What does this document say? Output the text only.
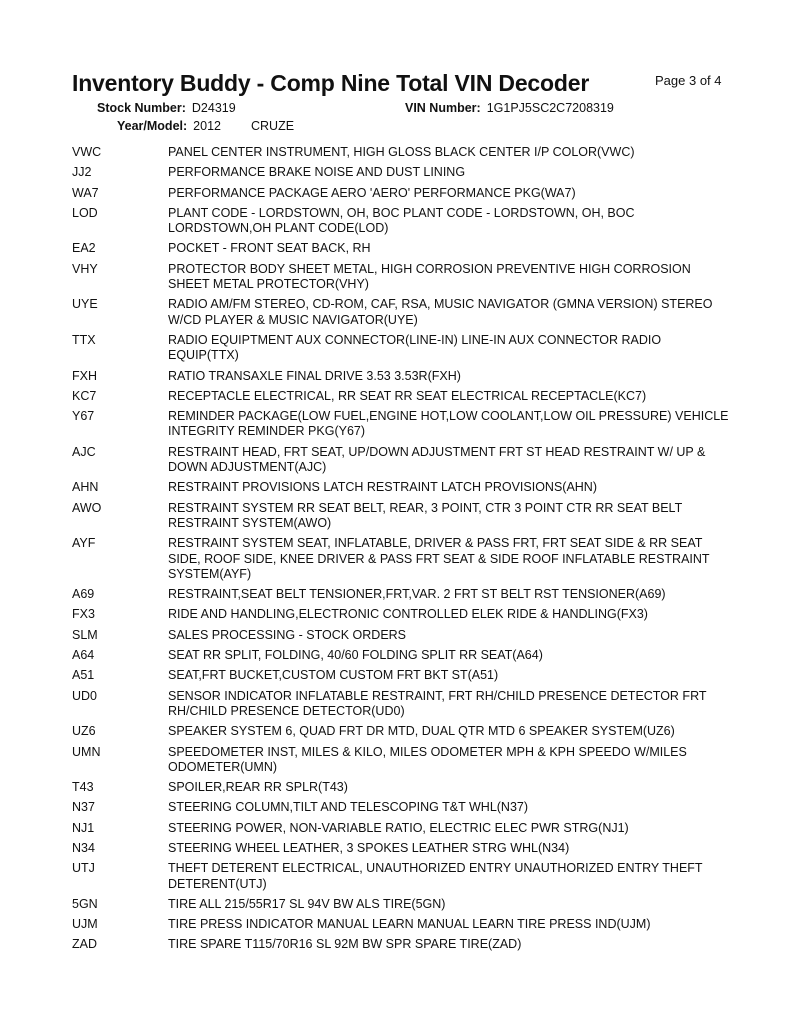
Inventory Buddy - Comp Nine Total VIN Decoder	Page 3 of 4
Stock Number: D24319	VIN Number: 1G1PJ5SC2C7208319
Year/Model: 2012 CRUZE
VWC	PANEL CENTER INSTRUMENT, HIGH GLOSS BLACK CENTER I/P COLOR(VWC)
JJ2	PERFORMANCE BRAKE NOISE AND DUST LINING
WA7	PERFORMANCE PACKAGE AERO 'AERO' PERFORMANCE PKG(WA7)
LOD	PLANT CODE - LORDSTOWN, OH, BOC PLANT CODE - LORDSTOWN, OH, BOC LORDSTOWN,OH PLANT CODE(LOD)
EA2	POCKET - FRONT SEAT BACK, RH
VHY	PROTECTOR BODY SHEET METAL, HIGH CORROSION PREVENTIVE HIGH CORROSION SHEET METAL PROTECTOR(VHY)
UYE	RADIO AM/FM STEREO, CD-ROM, CAF, RSA, MUSIC NAVIGATOR (GMNA VERSION) STEREO W/CD PLAYER & MUSIC NAVIGATOR(UYE)
TTX	RADIO EQUIPTMENT AUX CONNECTOR(LINE-IN) LINE-IN AUX CONNECTOR RADIO EQUIP(TTX)
FXH	RATIO TRANSAXLE FINAL DRIVE 3.53 3.53R(FXH)
KC7	RECEPTACLE ELECTRICAL, RR SEAT RR SEAT ELECTRICAL RECEPTACLE(KC7)
Y67	REMINDER PACKAGE(LOW FUEL,ENGINE HOT,LOW COOLANT,LOW OIL PRESSURE) VEHICLE INTEGRITY REMINDER PKG(Y67)
AJC	RESTRAINT HEAD, FRT SEAT, UP/DOWN ADJUSTMENT FRT ST HEAD RESTRAINT W/ UP & DOWN ADJUSTMENT(AJC)
AHN	RESTRAINT PROVISIONS LATCH RESTRAINT LATCH PROVISIONS(AHN)
AWO	RESTRAINT SYSTEM RR SEAT BELT, REAR, 3 POINT, CTR 3 POINT CTR RR SEAT BELT RESTRAINT SYSTEM(AWO)
AYF	RESTRAINT SYSTEM SEAT, INFLATABLE, DRIVER & PASS FRT, FRT SEAT SIDE & RR SEAT SIDE, ROOF SIDE, KNEE DRIVER & PASS FRT SEAT & SIDE ROOF INFLATABLE RESTRAINT SYSTEM(AYF)
A69	RESTRAINT,SEAT BELT TENSIONER,FRT,VAR. 2 FRT ST BELT RST TENSIONER(A69)
FX3	RIDE AND HANDLING,ELECTRONIC CONTROLLED ELEK RIDE & HANDLING(FX3)
SLM	SALES PROCESSING - STOCK ORDERS
A64	SEAT RR SPLIT, FOLDING, 40/60 FOLDING SPLIT RR SEAT(A64)
A51	SEAT,FRT BUCKET,CUSTOM CUSTOM FRT BKT ST(A51)
UD0	SENSOR INDICATOR INFLATABLE RESTRAINT, FRT RH/CHILD PRESENCE DETECTOR FRT RH/CHILD PRESENCE DETECTOR(UD0)
UZ6	SPEAKER SYSTEM 6, QUAD FRT DR MTD, DUAL QTR MTD 6 SPEAKER SYSTEM(UZ6)
UMN	SPEEDOMETER INST, MILES & KILO, MILES ODOMETER MPH & KPH SPEEDO W/MILES ODOMETER(UMN)
T43	SPOILER,REAR RR SPLR(T43)
N37	STEERING COLUMN,TILT AND TELESCOPING T&T WHL(N37)
NJ1	STEERING POWER, NON-VARIABLE RATIO, ELECTRIC ELEC PWR STRG(NJ1)
N34	STEERING WHEEL LEATHER, 3 SPOKES LEATHER STRG WHL(N34)
UTJ	THEFT DETERENT ELECTRICAL, UNAUTHORIZED ENTRY UNAUTHORIZED ENTRY THEFT DETERENT(UTJ)
5GN	TIRE ALL 215/55R17 SL 94V BW ALS TIRE(5GN)
UJM	TIRE PRESS INDICATOR MANUAL LEARN MANUAL LEARN TIRE PRESS IND(UJM)
ZAD	TIRE SPARE T115/70R16 SL 92M BW SPR SPARE TIRE(ZAD)
